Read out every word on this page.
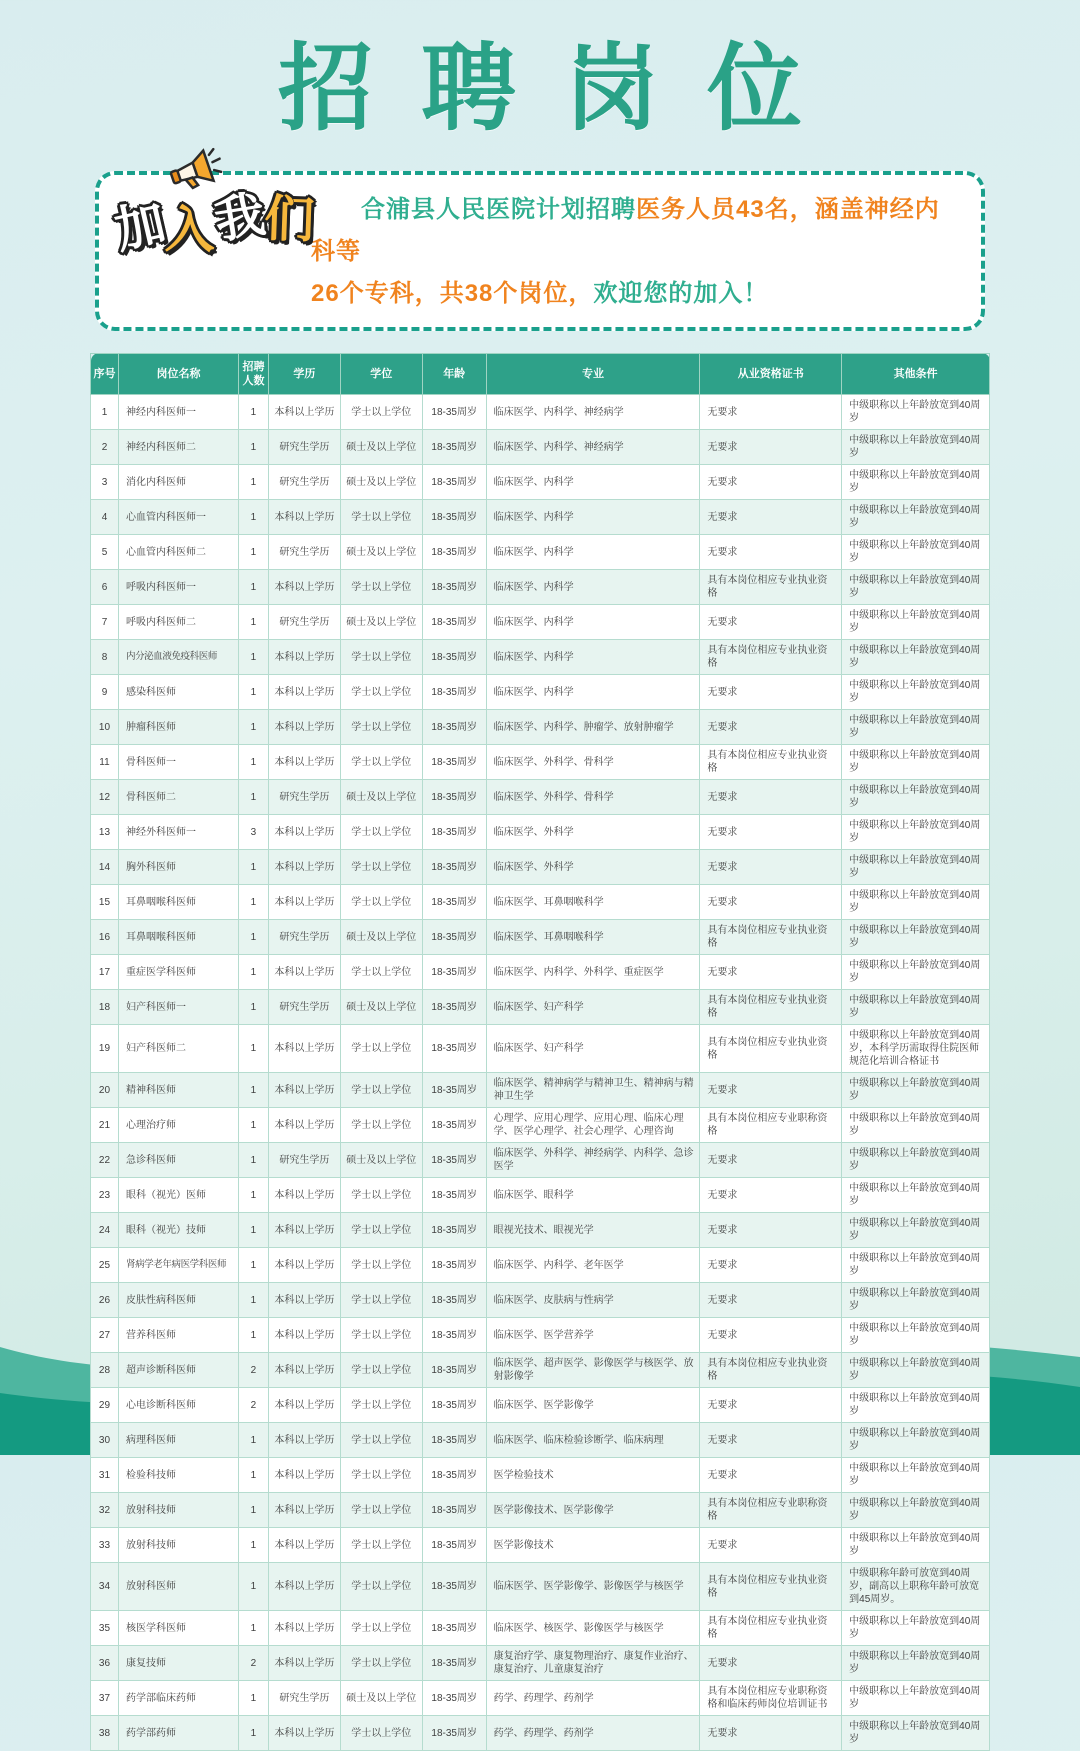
招聘岗位
加入我们	合浦县人民医院计划招聘医务人员43名，涵盖神经内科等
26个专科，共38个岗位，欢迎您的加入！

序号	岗位名称	招聘人数	学历	学位	年龄	专业	从业资格证书	其他条件
1	神经内科医师一	1	本科以上学历	学士以上学位	18-35周岁	临床医学、内科学、神经病学	无要求	中级职称以上年龄放宽到40周岁
2	神经内科医师二	1	研究生学历	硕士及以上学位	18-35周岁	临床医学、内科学、神经病学	无要求	中级职称以上年龄放宽到40周岁
3	消化内科医师	1	研究生学历	硕士及以上学位	18-35周岁	临床医学、内科学	无要求	中级职称以上年龄放宽到40周岁
4	心血管内科医师一	1	本科以上学历	学士以上学位	18-35周岁	临床医学、内科学	无要求	中级职称以上年龄放宽到40周岁
5	心血管内科医师二	1	研究生学历	硕士及以上学位	18-35周岁	临床医学、内科学	无要求	中级职称以上年龄放宽到40周岁
6	呼吸内科医师一	1	本科以上学历	学士以上学位	18-35周岁	临床医学、内科学	具有本岗位相应专业执业资格	中级职称以上年龄放宽到40周岁
7	呼吸内科医师二	1	研究生学历	硕士及以上学位	18-35周岁	临床医学、内科学	无要求	中级职称以上年龄放宽到40周岁
8	内分泌血液免疫科医师	1	本科以上学历	学士以上学位	18-35周岁	临床医学、内科学	具有本岗位相应专业执业资格	中级职称以上年龄放宽到40周岁
9	感染科医师	1	本科以上学历	学士以上学位	18-35周岁	临床医学、内科学	无要求	中级职称以上年龄放宽到40周岁
10	肿瘤科医师	1	本科以上学历	学士以上学位	18-35周岁	临床医学、内科学、肿瘤学、放射肿瘤学	无要求	中级职称以上年龄放宽到40周岁
11	骨科医师一	1	本科以上学历	学士以上学位	18-35周岁	临床医学、外科学、骨科学	具有本岗位相应专业执业资格	中级职称以上年龄放宽到40周岁
12	骨科医师二	1	研究生学历	硕士及以上学位	18-35周岁	临床医学、外科学、骨科学	无要求	中级职称以上年龄放宽到40周岁
13	神经外科医师一	3	本科以上学历	学士以上学位	18-35周岁	临床医学、外科学	无要求	中级职称以上年龄放宽到40周岁
14	胸外科医师	1	本科以上学历	学士以上学位	18-35周岁	临床医学、外科学	无要求	中级职称以上年龄放宽到40周岁
15	耳鼻咽喉科医师	1	本科以上学历	学士以上学位	18-35周岁	临床医学、耳鼻咽喉科学	无要求	中级职称以上年龄放宽到40周岁
16	耳鼻咽喉科医师	1	研究生学历	硕士及以上学位	18-35周岁	临床医学、耳鼻咽喉科学	具有本岗位相应专业执业资格	中级职称以上年龄放宽到40周岁
17	重症医学科医师	1	本科以上学历	学士以上学位	18-35周岁	临床医学、内科学、外科学、重症医学	无要求	中级职称以上年龄放宽到40周岁
18	妇产科医师一	1	研究生学历	硕士及以上学位	18-35周岁	临床医学、妇产科学	具有本岗位相应专业执业资格	中级职称以上年龄放宽到40周岁
19	妇产科医师二	1	本科以上学历	学士以上学位	18-35周岁	临床医学、妇产科学	具有本岗位相应专业执业资格	中级职称以上年龄放宽到40周岁，本科学历需取得住院医师规范化培训合格证书
20	精神科医师	1	本科以上学历	学士以上学位	18-35周岁	临床医学、精神病学与精神卫生、精神病与精神卫生学	无要求	中级职称以上年龄放宽到40周岁
21	心理治疗师	1	本科以上学历	学士以上学位	18-35周岁	心理学、应用心理学、应用心理、临床心理学、医学心理学、社会心理学、心理咨询	具有本岗位相应专业职称资格	中级职称以上年龄放宽到40周岁
22	急诊科医师	1	研究生学历	硕士及以上学位	18-35周岁	临床医学、外科学、神经病学、内科学、急诊医学	无要求	中级职称以上年龄放宽到40周岁
23	眼科（视光）医师	1	本科以上学历	学士以上学位	18-35周岁	临床医学、眼科学	无要求	中级职称以上年龄放宽到40周岁
24	眼科（视光）技师	1	本科以上学历	学士以上学位	18-35周岁	眼视光技术、眼视光学	无要求	中级职称以上年龄放宽到40周岁
25	肾病学老年病医学科医师	1	本科以上学历	学士以上学位	18-35周岁	临床医学、内科学、老年医学	无要求	中级职称以上年龄放宽到40周岁
26	皮肤性病科医师	1	本科以上学历	学士以上学位	18-35周岁	临床医学、皮肤病与性病学	无要求	中级职称以上年龄放宽到40周岁
27	营养科医师	1	本科以上学历	学士以上学位	18-35周岁	临床医学、医学营养学	无要求	中级职称以上年龄放宽到40周岁
28	超声诊断科医师	2	本科以上学历	学士以上学位	18-35周岁	临床医学、超声医学、影像医学与核医学、放射影像学	具有本岗位相应专业执业资格	中级职称以上年龄放宽到40周岁
29	心电诊断科医师	2	本科以上学历	学士以上学位	18-35周岁	临床医学、医学影像学	无要求	中级职称以上年龄放宽到40周岁
30	病理科医师	1	本科以上学历	学士以上学位	18-35周岁	临床医学、临床检验诊断学、临床病理	无要求	中级职称以上年龄放宽到40周岁
31	检验科技师	1	本科以上学历	学士以上学位	18-35周岁	医学检验技术	无要求	中级职称以上年龄放宽到40周岁
32	放射科技师	1	本科以上学历	学士以上学位	18-35周岁	医学影像技术、医学影像学	具有本岗位相应专业职称资格	中级职称以上年龄放宽到40周岁
33	放射科技师	1	本科以上学历	学士以上学位	18-35周岁	医学影像技术	无要求	中级职称以上年龄放宽到40周岁
34	放射科医师	1	本科以上学历	学士以上学位	18-35周岁	临床医学、医学影像学、影像医学与核医学	具有本岗位相应专业执业资格	中级职称年龄可放宽到40周岁，副高以上职称年龄可放宽到45周岁。
35	核医学科医师	1	本科以上学历	学士以上学位	18-35周岁	临床医学、核医学、影像医学与核医学	具有本岗位相应专业执业资格	中级职称以上年龄放宽到40周岁
36	康复技师	2	本科以上学历	学士以上学位	18-35周岁	康复治疗学、康复物理治疗、康复作业治疗、康复治疗、儿童康复治疗	无要求	中级职称以上年龄放宽到40周岁
37	药学部临床药师	1	研究生学历	硕士及以上学位	18-35周岁	药学、药理学、药剂学	具有本岗位相应专业职称资格和临床药师岗位培训证书	中级职称以上年龄放宽到40周岁
38	药学部药师	1	本科以上学历	学士以上学位	18-35周岁	药学、药理学、药剂学	无要求	中级职称以上年龄放宽到40周岁
